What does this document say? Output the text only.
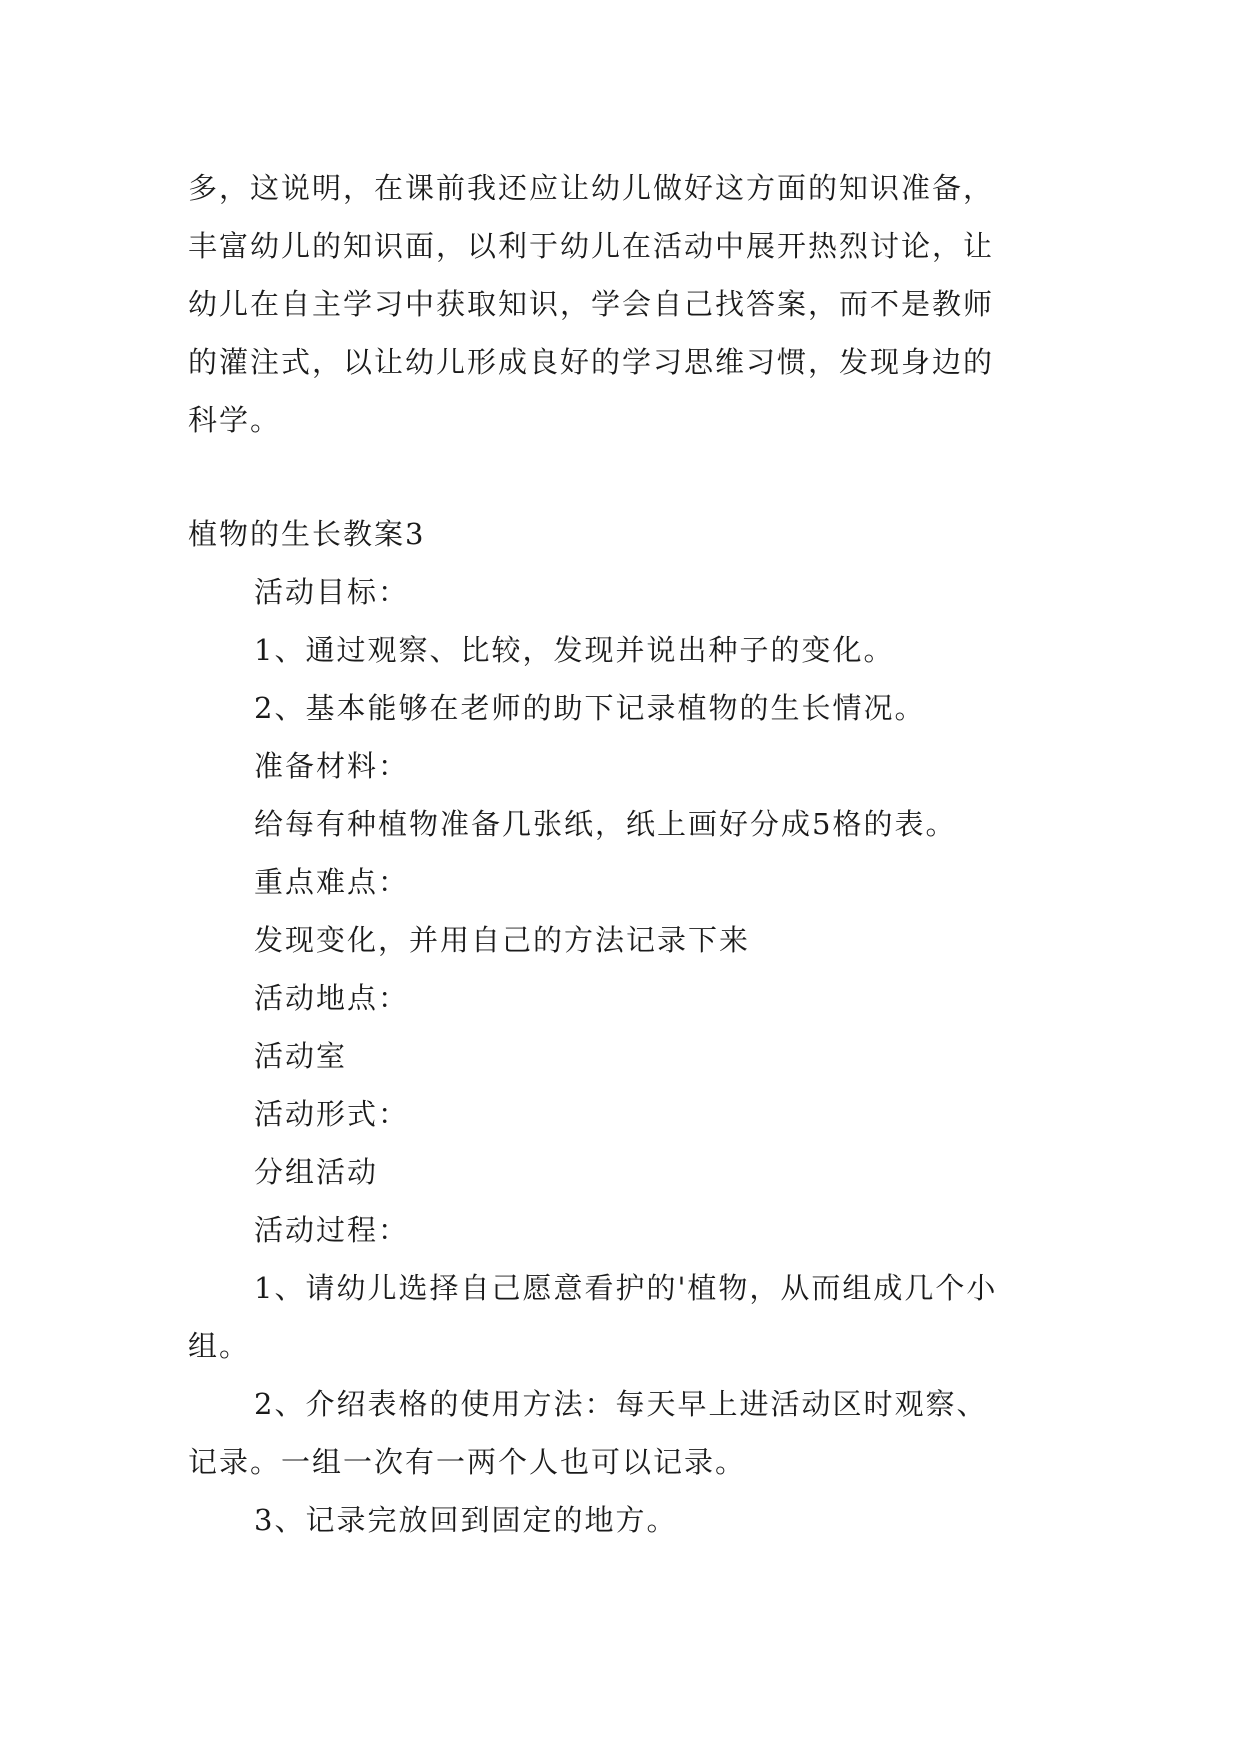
多，这说明，在课前我还应让幼儿做好这方面的知识准备，
丰富幼儿的知识面，以利于幼儿在活动中展开热烈讨论，让
幼儿在自主学习中获取知识，学会自己找答案，而不是教师
的灌注式，以让幼儿形成良好的学习思维习惯，发现身边的
科学。
植物的生长教案3
活动目标：
1、通过观察、比较，发现并说出种子的变化。
2、基本能够在老师的助下记录植物的生长情况。
准备材料：
给每有种植物准备几张纸，纸上画好分成5格的表。
重点难点：
发现变化，并用自己的方法记录下来
活动地点：
活动室
活动形式：
分组活动
活动过程：
1、请幼儿选择自己愿意看护的'植物，从而组成几个小
组。
2、介绍表格的使用方法：每天早上进活动区时观察、
记录。一组一次有一两个人也可以记录。
3、记录完放回到固定的地方。
